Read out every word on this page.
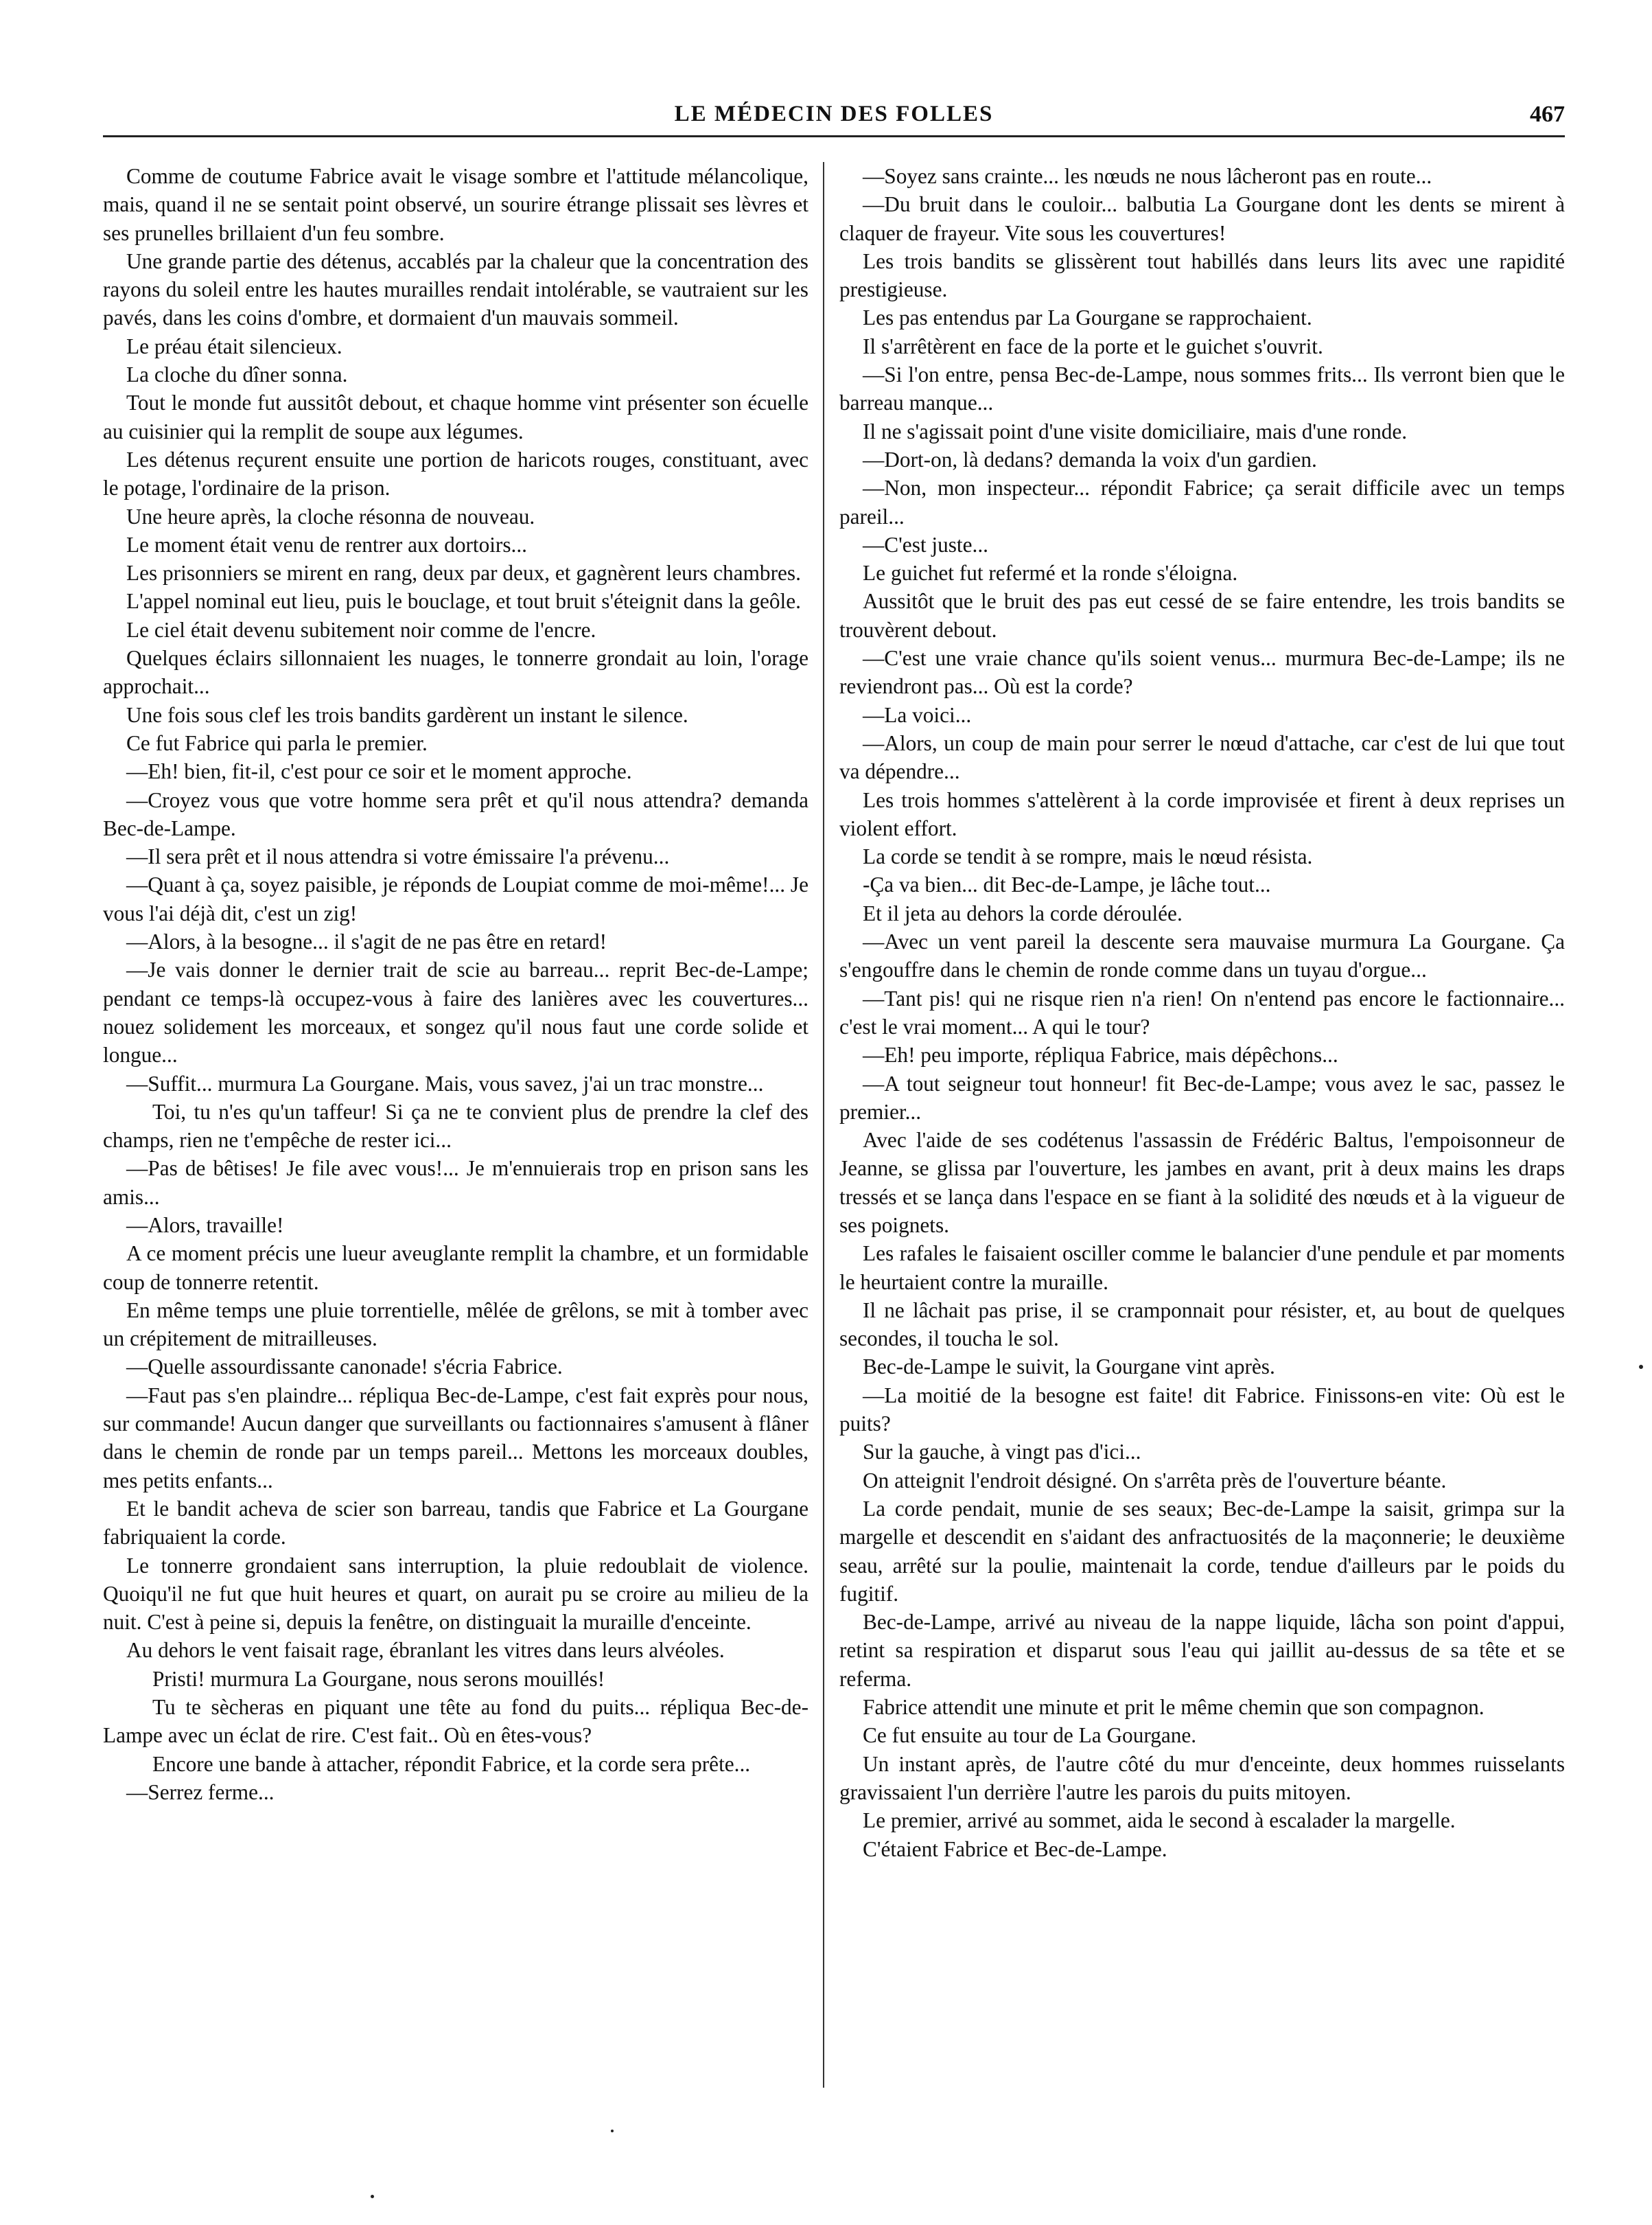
LE MÉDECIN DES FOLLES	467

Comme de coutume Fabrice avait le visage sombre et l'attitude mélancolique, mais, quand il ne se sentait point observé, un sourire étrange plissait ses lèvres et ses prunelles brillaient d'un feu sombre.

Une grande partie des détenus, accablés par la chaleur que la concentration des rayons du soleil entre les hautes murailles rendait intolérable, se vautraient sur les pavés, dans les coins d'ombre, et dormaient d'un mauvais sommeil.

Le préau était silencieux.

La cloche du dîner sonna.

Tout le monde fut aussitôt debout, et chaque homme vint présenter son écuelle au cuisinier qui la remplit de soupe aux légumes.

Les détenus reçurent ensuite une portion de haricots rouges, constituant, avec le potage, l'ordinaire de la prison.

Une heure après, la cloche résonna de nouveau.

Le moment était venu de rentrer aux dortoirs...

Les prisonniers se mirent en rang, deux par deux, et gagnèrent leurs chambres.

L'appel nominal eut lieu, puis le bouclage, et tout bruit s'éteignit dans la geôle.

Le ciel était devenu subitement noir comme de l'encre.

Quelques éclairs sillonnaient les nuages, le tonnerre grondait au loin, l'orage approchait...

Une fois sous clef les trois bandits gardèrent un instant le silence.

Ce fut Fabrice qui parla le premier.

—Eh! bien, fit-il, c'est pour ce soir et le moment approche.

—Croyez vous que votre homme sera prêt et qu'il nous attendra? demanda Bec-de-Lampe.

—Il sera prêt et il nous attendra si votre émissaire l'a prévenu...

—Quant à ça, soyez paisible, je réponds de Loupiat comme de moi-même!... Je vous l'ai déjà dit, c'est un zig!

—Alors, à la besogne... il s'agit de ne pas être en retard!

—Je vais donner le dernier trait de scie au barreau... reprit Bec-de-Lampe; pendant ce temps-là occupez-vous à faire des lanières avec les couvertures... nouez solidement les morceaux, et songez qu'il nous faut une corde solide et longue...

—Suffit... murmura La Gourgane. Mais, vous savez, j'ai un trac monstre...

Toi, tu n'es qu'un taffeur! Si ça ne te convient plus de prendre la clef des champs, rien ne t'empêche de rester ici...

—Pas de bêtises! Je file avec vous!... Je m'ennuierais trop en prison sans les amis...

—Alors, travaille!

A ce moment précis une lueur aveuglante remplit la chambre, et un formidable coup de tonnerre retentit.

En même temps une pluie torrentielle, mêlée de grêlons, se mit à tomber avec un crépitement de mitrailleuses.

—Quelle assourdissante canonade! s'écria Fabrice.

—Faut pas s'en plaindre... répliqua Bec-de-Lampe, c'est fait exprès pour nous, sur commande! Aucun danger que surveillants ou factionnaires s'amusent à flâner dans le chemin de ronde par un temps pareil... Mettons les morceaux doubles, mes petits enfants...

Et le bandit acheva de scier son barreau, tandis que Fabrice et La Gourgane fabriquaient la corde.

Le tonnerre grondaient sans interruption, la pluie redoublait de violence. Quoiqu'il ne fut que huit heures et quart, on aurait pu se croire au milieu de la nuit. C'est à peine si, depuis la fenêtre, on distinguait la muraille d'enceinte.

Au dehors le vent faisait rage, ébranlant les vitres dans leurs alvéoles.

Pristi! murmura La Gourgane, nous serons mouillés!

Tu te sècheras en piquant une tête au fond du puits... répliqua Bec-de-Lampe avec un éclat de rire. C'est fait.. Où en êtes-vous?

Encore une bande à attacher, répondit Fabrice, et la corde sera prête...

—Serrez ferme...

—Soyez sans crainte... les nœuds ne nous lâcheront pas en route...

—Du bruit dans le couloir... balbutia La Gourgane dont les dents se mirent à claquer de frayeur. Vite sous les couvertures!

Les trois bandits se glissèrent tout habillés dans leurs lits avec une rapidité prestigieuse.

Les pas entendus par La Gourgane se rapprochaient.

Il s'arrêtèrent en face de la porte et le guichet s'ouvrit.

—Si l'on entre, pensa Bec-de-Lampe, nous sommes frits... Ils verront bien que le barreau manque...

Il ne s'agissait point d'une visite domiciliaire, mais d'une ronde.

—Dort-on, là dedans? demanda la voix d'un gardien.

—Non, mon inspecteur... répondit Fabrice; ça serait difficile avec un temps pareil...

—C'est juste...

Le guichet fut refermé et la ronde s'éloigna.

Aussitôt que le bruit des pas eut cessé de se faire entendre, les trois bandits se trouvèrent debout.

—C'est une vraie chance qu'ils soient venus... murmura Bec-de-Lampe; ils ne reviendront pas... Où est la corde?

—La voici...

—Alors, un coup de main pour serrer le nœud d'attache, car c'est de lui que tout va dépendre...

Les trois hommes s'attelèrent à la corde improvisée et firent à deux reprises un violent effort.

La corde se tendit à se rompre, mais le nœud résista.

-Ça va bien... dit Bec-de-Lampe, je lâche tout...

Et il jeta au dehors la corde déroulée.

—Avec un vent pareil la descente sera mauvaise murmura La Gourgane. Ça s'engouffre dans le chemin de ronde comme dans un tuyau d'orgue...

—Tant pis! qui ne risque rien n'a rien! On n'entend pas encore le factionnaire... c'est le vrai moment... A qui le tour?

—Eh! peu importe, répliqua Fabrice, mais dépêchons...

—A tout seigneur tout honneur! fit Bec-de-Lampe; vous avez le sac, passez le premier...

Avec l'aide de ses codétenus l'assassin de Frédéric Baltus, l'empoisonneur de Jeanne, se glissa par l'ouverture, les jambes en avant, prit à deux mains les draps tressés et se lança dans l'espace en se fiant à la solidité des nœuds et à la vigueur de ses poignets.

Les rafales le faisaient osciller comme le balancier d'une pendule et par moments le heurtaient contre la muraille.

Il ne lâchait pas prise, il se cramponnait pour résister, et, au bout de quelques secondes, il toucha le sol.

Bec-de-Lampe le suivit, la Gourgane vint après.

—La moitié de la besogne est faite! dit Fabrice. Finissons-en vite: Où est le puits?

Sur la gauche, à vingt pas d'ici...

On atteignit l'endroit désigné. On s'arrêta près de l'ouverture béante.

La corde pendait, munie de ses seaux; Bec-de-Lampe la saisit, grimpa sur la margelle et descendit en s'aidant des anfractuosités de la maçonnerie; le deuxième seau, arrêté sur la poulie, maintenait la corde, tendue d'ailleurs par le poids du fugitif.

Bec-de-Lampe, arrivé au niveau de la nappe liquide, lâcha son point d'appui, retint sa respiration et disparut sous l'eau qui jaillit au-dessus de sa tête et se referma.

Fabrice attendit une minute et prit le même chemin que son compagnon.

Ce fut ensuite au tour de La Gourgane.

Un instant après, de l'autre côté du mur d'enceinte, deux hommes ruisselants gravissaient l'un derrière l'autre les parois du puits mitoyen.

Le premier, arrivé au sommet, aida le second à escalader la margelle.

C'étaient Fabrice et Bec-de-Lampe.
